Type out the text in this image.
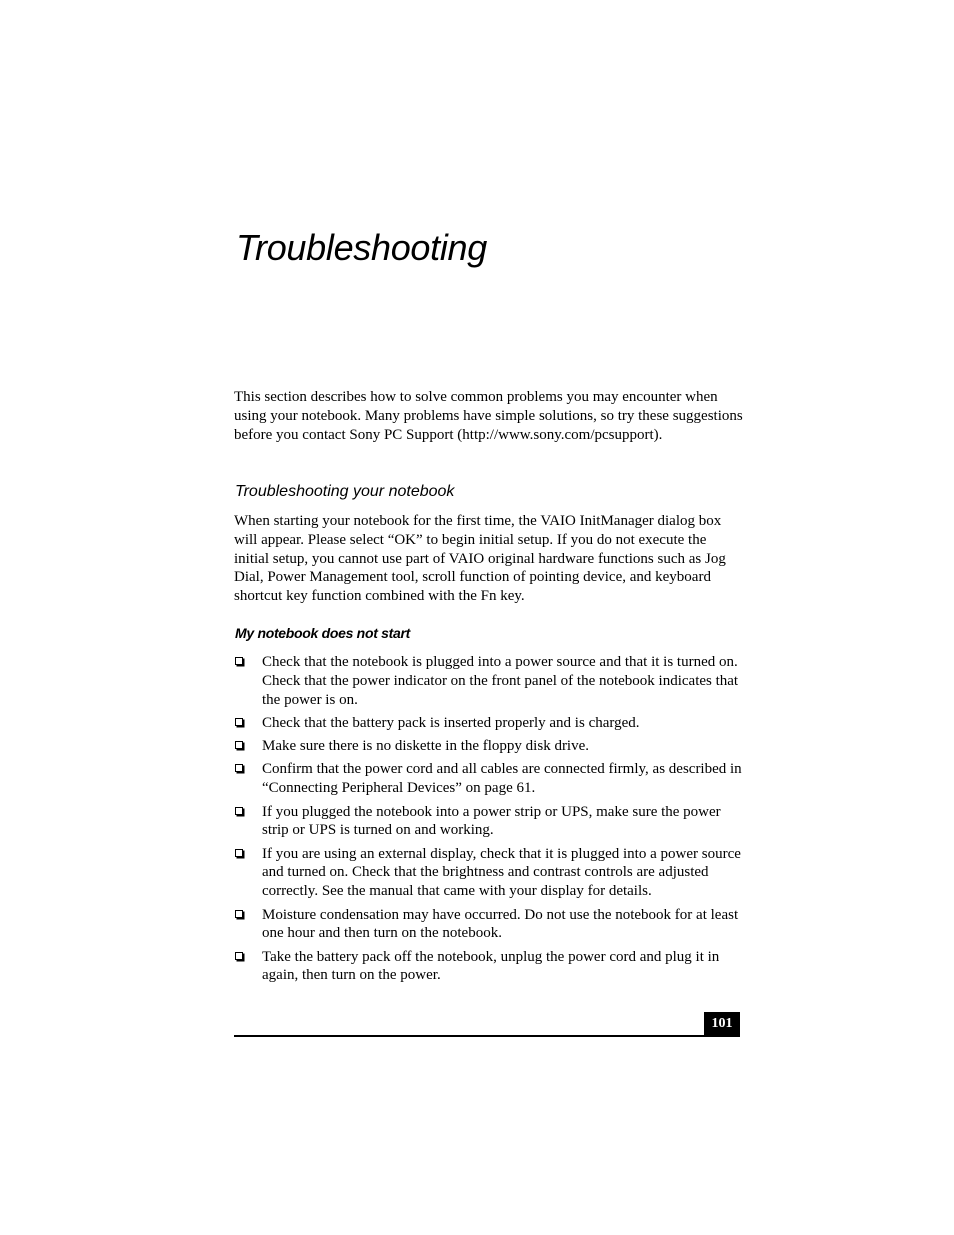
Troubleshooting

This section describes how to solve common problems you may encounter when using your notebook. Many problems have simple solutions, so try these suggestions before you contact Sony PC Support (http://www.sony.com/pcsupport).

Troubleshooting your notebook

When starting your notebook for the first time, the VAIO InitManager dialog box will appear. Please select “OK” to begin initial setup. If you do not execute the initial setup, you cannot use part of VAIO original hardware functions such as Jog Dial, Power Management tool, scroll function of pointing device, and keyboard shortcut key function combined with the Fn key.

My notebook does not start
Check that the notebook is plugged into a power source and that it is turned on. Check that the power indicator on the front panel of the notebook indicates that the power is on.
Check that the battery pack is inserted properly and is charged.
Make sure there is no diskette in the floppy disk drive.
Confirm that the power cord and all cables are connected firmly, as described in “Connecting Peripheral Devices” on page 61.
If you plugged the notebook into a power strip or UPS, make sure the power strip or UPS is turned on and working.
If you are using an external display, check that it is plugged into a power source and turned on. Check that the brightness and contrast controls are adjusted correctly. See the manual that came with your display for details.
Moisture condensation may have occurred. Do not use the notebook for at least one hour and then turn on the notebook.
Take the battery pack off the notebook, unplug the power cord and plug it in again, then turn on the power.
101
